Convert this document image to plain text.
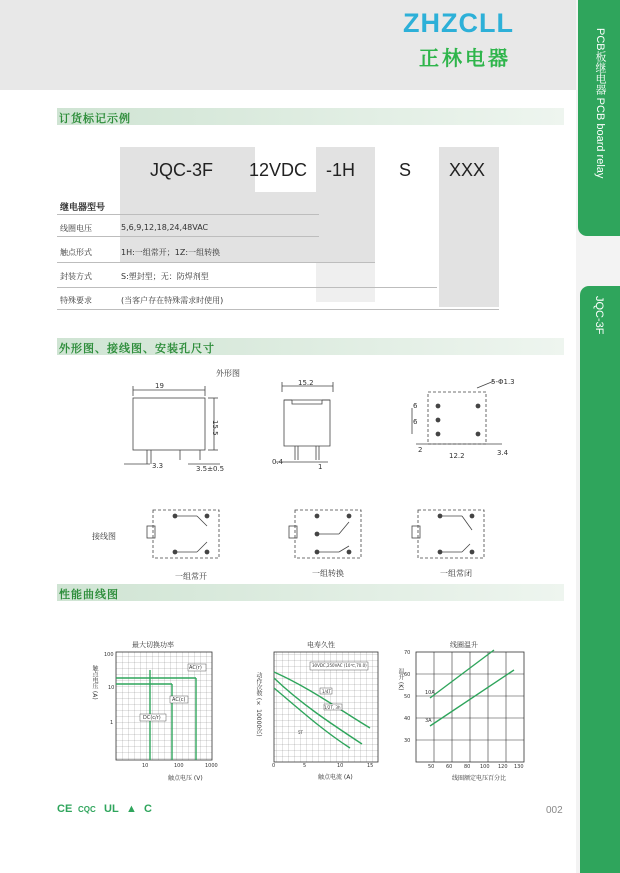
ZHZCLL
正林电器	PCB板继电器 PCB board relay
JQC-3F
订货标记示例
JQC-3F 12VDC -1H S XXX
继电器型号
线圈电压	5,6,9,12,18,24,48VAC
触点形式	1H:一组常开；1Z:一组转换
封装方式	S:塑封型；无：防焊剂型
特殊要求	(当客户存在特殊需求时使用)
外形图、接线图、安装孔尺寸
外形图
19
15.5
3.5±0.5
3.3
15.2
0.4
1
5-Φ1.3
2
12.2	3.4
6
6
接线图
一组常开	一组转换	一组常闭
性能曲线图
最大切换功率
AC(r)
AC(c)
DC(c/r)
触点电压 (A)
100
10
1
10	100	1000
触点电压 (V)
电寿久性
30VDC,250VAC (10℃,70.0)
1/4T
1/2T, 3h
5T
动作次数 (× 10000次)
0	5	10	15
触点电流 (A)
线圈温升
10A
3A
温升 (K)
70
60
50
40
30
50 60 80 100 120 130
线圈额定电压百分比
CE CQC UL ▲ C	002
